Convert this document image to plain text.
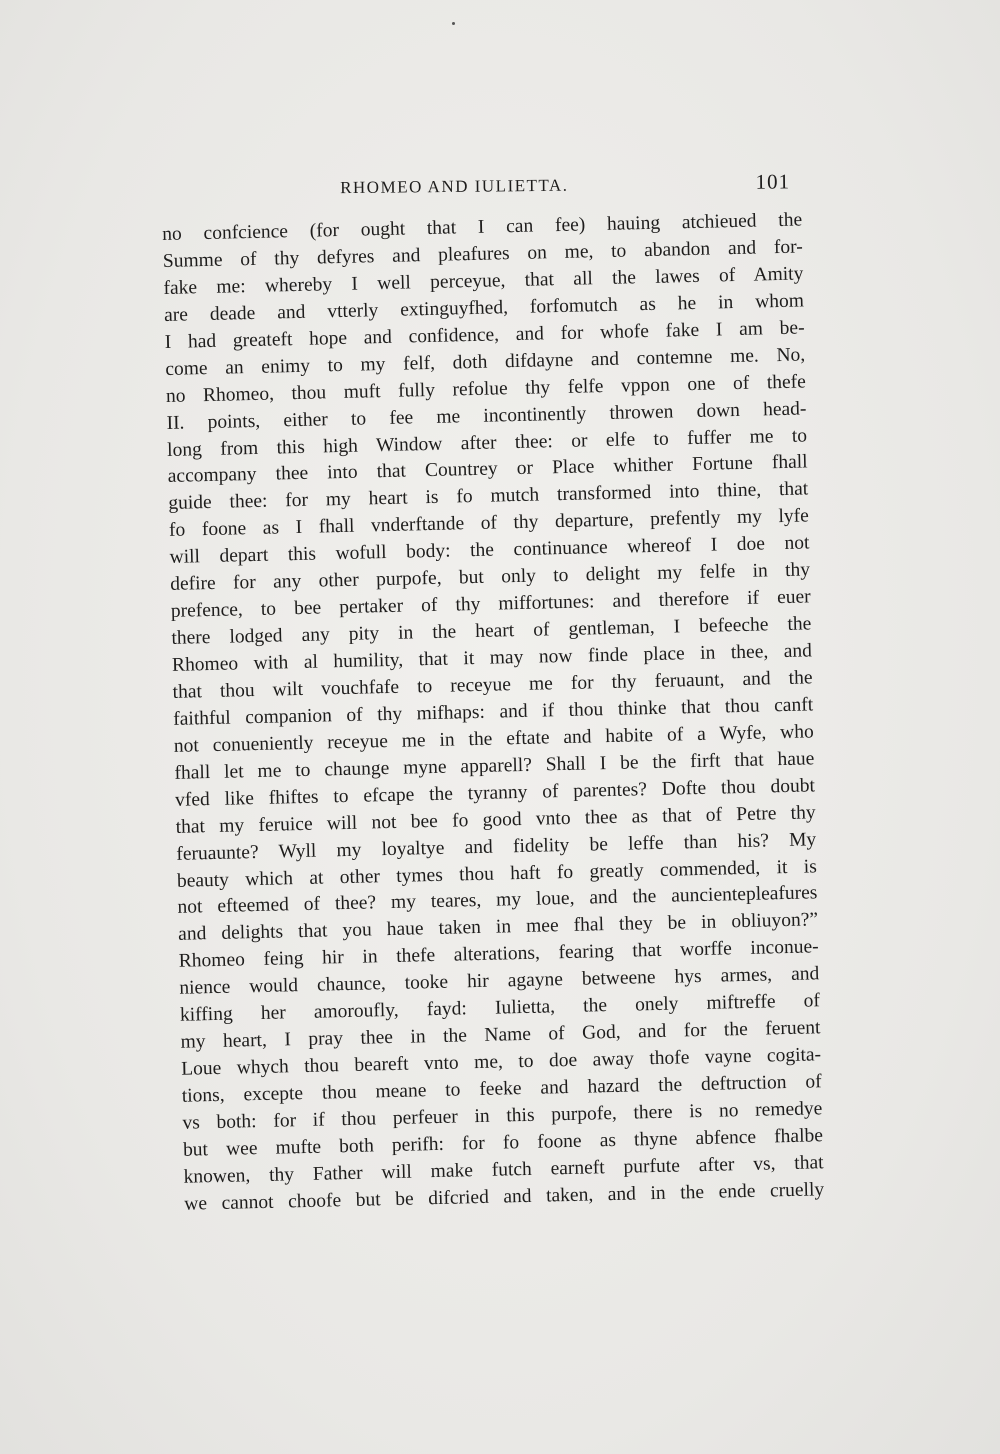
RHOMEO AND IULIETTA.	101
no confcience (for ought that I can fee) hauing atchieued the
Summe of thy defyres and pleafures on me, to abandon and for-
fake me: whereby I well perceyue, that all the lawes of Amity
are deade and vtterly extinguyfhed, forfomutch as he in whom
I had greateft hope and confidence, and for whofe fake I am be-
come an enimy to my felf, doth difdayne and contemne me. No,
no Rhomeo, thou muft fully refolue thy felfe vppon one of thefe
II. points, either to fee me incontinently throwen down head-
long from this high Window after thee: or elfe to fuffer me to
accompany thee into that Countrey or Place whither Fortune fhall
guide thee: for my heart is fo mutch transformed into thine, that
fo foone as I fhall vnderftande of thy departure, prefently my lyfe
will depart this wofull body: the continuance whereof I doe not
defire for any other purpofe, but only to delight my felfe in thy
prefence, to bee pertaker of thy miffortunes: and therefore if euer
there lodged any pity in the heart of gentleman, I befeeche the
Rhomeo with al humility, that it may now finde place in thee, and
that thou wilt vouchfafe to receyue me for thy feruaunt, and the
faithful companion of thy mifhaps: and if thou thinke that thou canft
not conueniently receyue me in the eftate and habite of a Wyfe, who
fhall let me to chaunge myne apparell? Shall I be the firft that haue
vfed like fhiftes to efcape the tyranny of parentes? Dofte thou doubt
that my feruice will not bee fo good vnto thee as that of Petre thy
feruaunte? Wyll my loyaltye and fidelity be leffe than his? My
beauty which at other tymes thou haft fo greatly commended, it is
not efteemed of thee? my teares, my loue, and the auncientepleafures
and delights that you haue taken in mee fhal they be in obliuyon?”
Rhomeo feing hir in thefe alterations, fearing that worffe inconue-
nience would chaunce, tooke hir agayne betweene hys armes, and
kiffing her amoroufly, fayd: Iulietta, the onely miftreffe of
my heart, I pray thee in the Name of God, and for the feruent
Loue whych thou beareft vnto me, to doe away thofe vayne cogita-
tions, excepte thou meane to feeke and hazard the deftruction of
vs both: for if thou perfeuer in this purpofe, there is no remedye
but wee mufte both perifh: for fo foone as thyne abfence fhalbe
knowen, thy Father will make futch earneft purfute after vs, that
we cannot choofe but be difcried and taken, and in the ende cruelly
